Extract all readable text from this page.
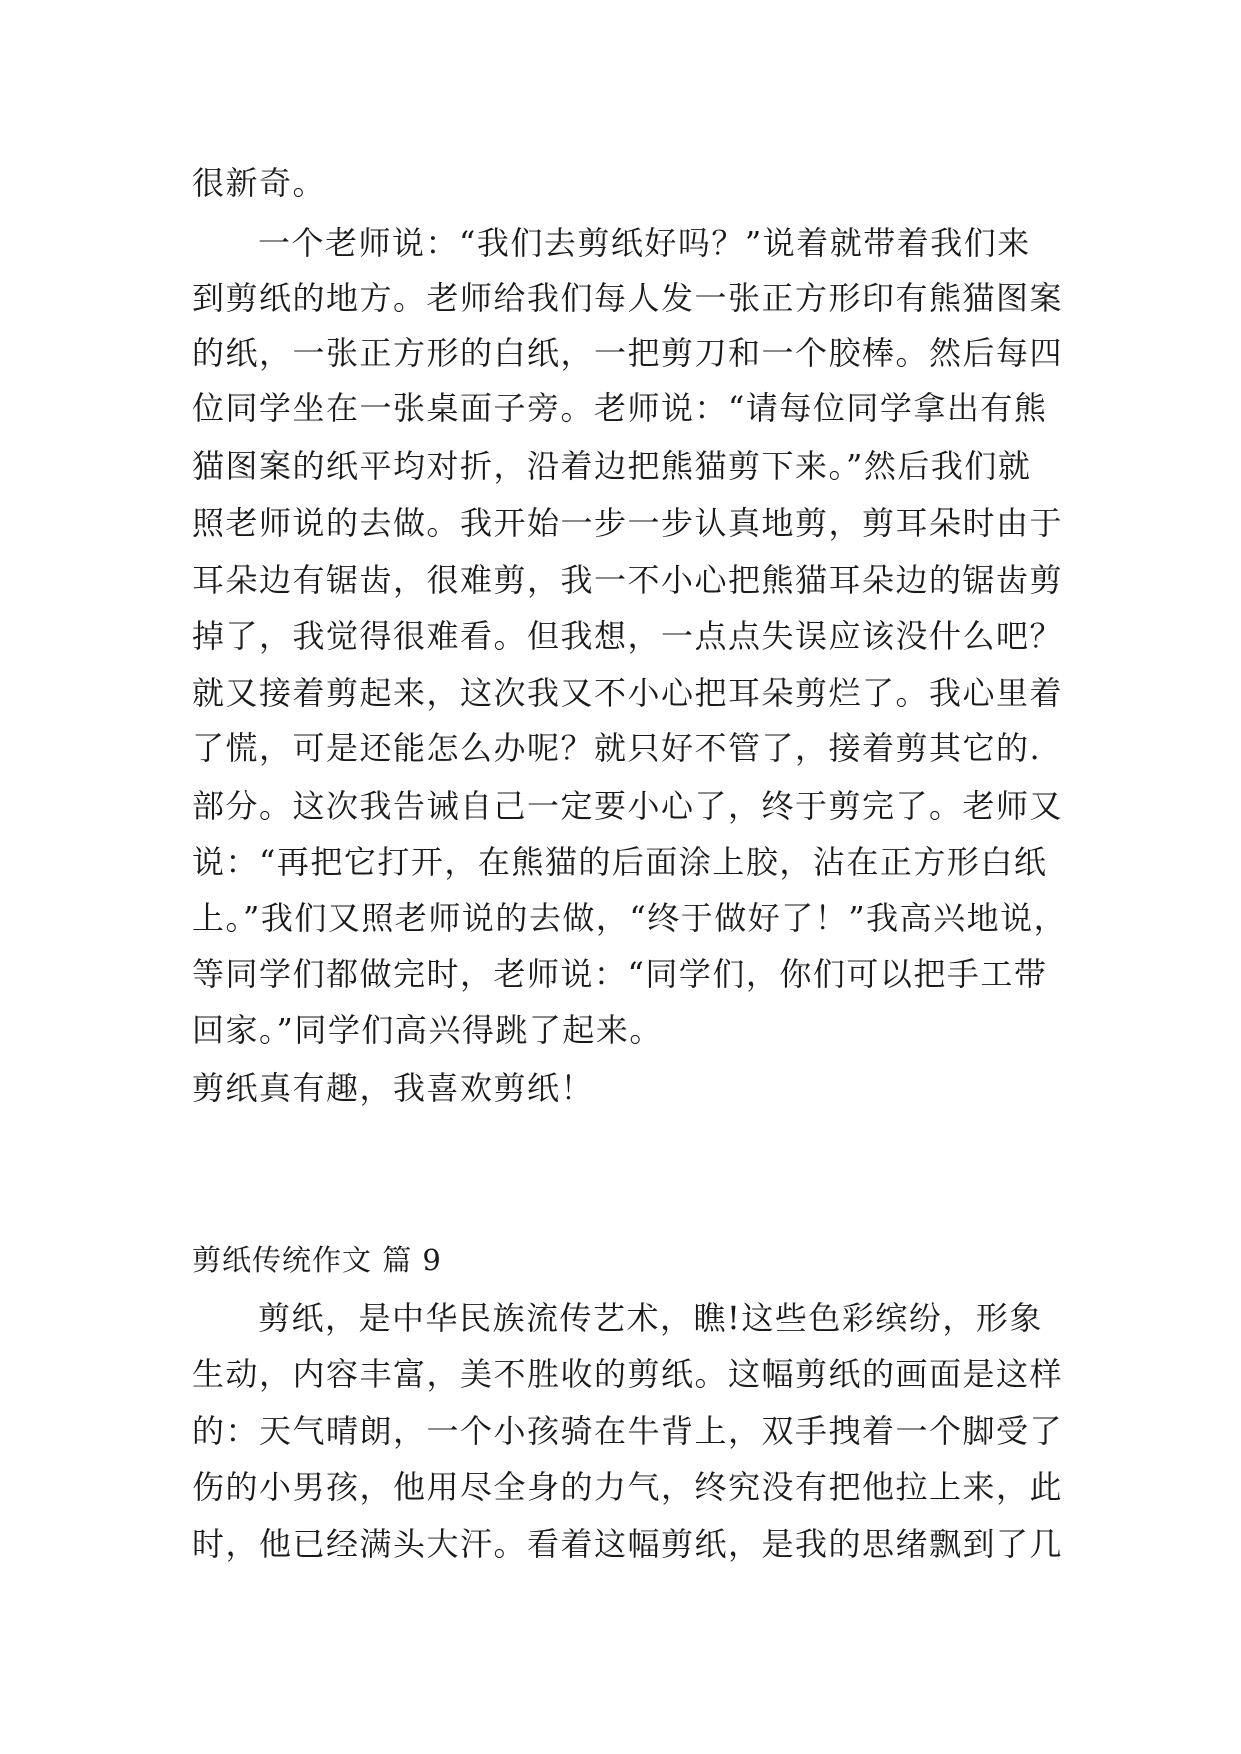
很新奇。
一个老师说：“我们去剪纸好吗？”说着就带着我们来
到剪纸的地方。老师给我们每人发一张正方形印有熊猫图案
的纸，一张正方形的白纸，一把剪刀和一个胶棒。然后每四
位同学坐在一张桌面子旁。老师说：“请每位同学拿出有熊
猫图案的纸平均对折，沿着边把熊猫剪下来。”然后我们就
照老师说的去做。我开始一步一步认真地剪，剪耳朵时由于
耳朵边有锯齿，很难剪，我一不小心把熊猫耳朵边的锯齿剪
掉了，我觉得很难看。但我想，一点点失误应该没什么吧？
就又接着剪起来，这次我又不小心把耳朵剪烂了。我心里着
了慌，可是还能怎么办呢？就只好不管了，接着剪其它的.
部分。这次我告诫自己一定要小心了，终于剪完了。老师又
说：“再把它打开，在熊猫的后面涂上胶，沾在正方形白纸
上。”我们又照老师说的去做，“终于做好了！”我高兴地说，
等同学们都做完时，老师说：“同学们，你们可以把手工带
回家。”同学们高兴得跳了起来。
剪纸真有趣，我喜欢剪纸！
剪纸传统作文 篇 9
剪纸，是中华民族流传艺术，瞧!这些色彩缤纷，形象
生动，内容丰富，美不胜收的剪纸。这幅剪纸的画面是这样
的：天气晴朗，一个小孩骑在牛背上，双手拽着一个脚受了
伤的小男孩，他用尽全身的力气，终究没有把他拉上来，此
时，他已经满头大汗。看着这幅剪纸，是我的思绪飘到了几
